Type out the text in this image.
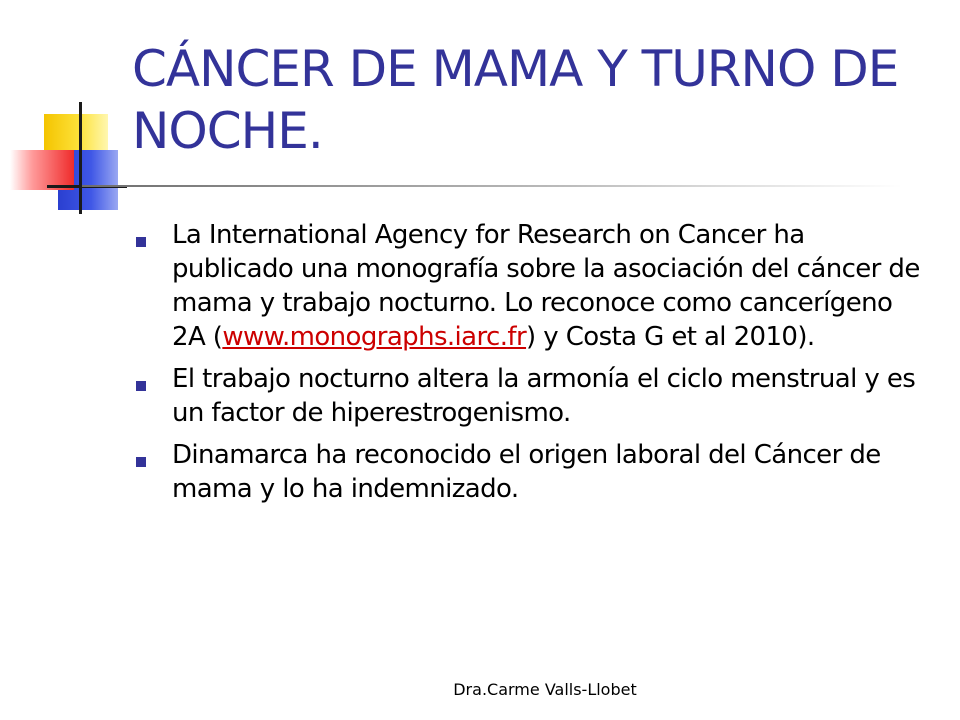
CÁNCER DE MAMA Y TURNO DE NOCHE.
La International Agency for Research on Cancer ha publicado una monografía sobre la asociación del cáncer de mama y trabajo nocturno. Lo reconoce como cancerígeno 2A (www.monographs.iarc.fr) y Costa G et al 2010).
El trabajo nocturno altera la armonía el ciclo menstrual y es un factor de hiperestrogenismo.
Dinamarca ha reconocido el origen laboral del Cáncer de mama y lo ha indemnizado.
Dra.Carme Valls-Llobet
